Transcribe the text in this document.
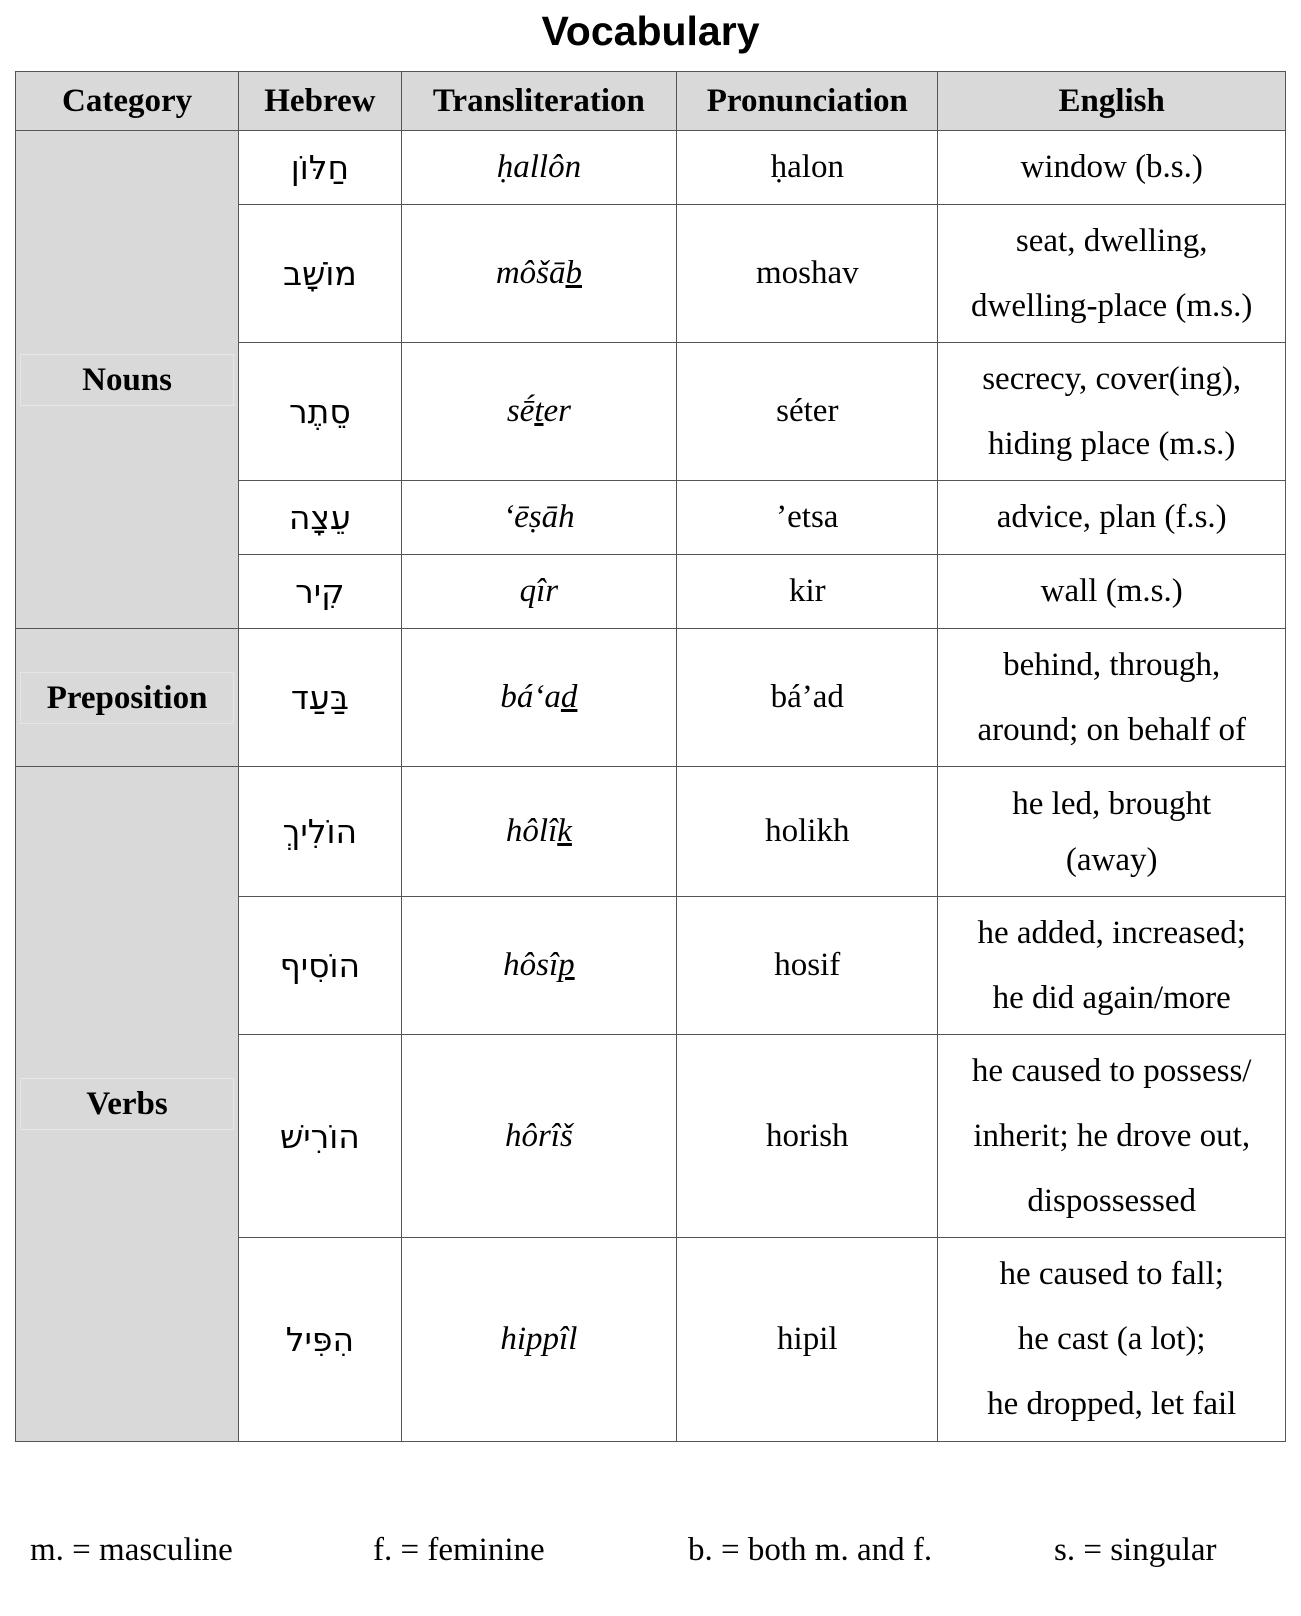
Vocabulary
Category	Hebrew	Transliteration	Pronunciation	English

Nouns	חַלּוֹן	ḥallôn	ḥalon	window (b.s.)

	מוֹשָׁב	môšāb	moshav	seat, dwelling,
dwelling-place (m.s.)

	סֵתֶר	sḗter	séter	secrecy, cover(ing),
hiding place (m.s.)

	עֵצָה	‘ēṣāh	’etsa	advice, plan (f.s.)

	קִיר	qîr	kir	wall (m.s.)

Preposition	בַּעַד	bá‘ad	bá’ad	behind, through,
around; on behalf of

Verbs	הוֹלִיךְ	hôlîk	holikh	he led, brought
(away)

	הוֹסִיף	hôsîp	hosif	he added, increased;
he did again/more

	הוֹרִישׁ	hôrîš	horish	he caused to possess/
inherit; he drove out,
dispossessed

	הִפִּיל	hippîl	hipil	he caused to fall;
he cast (a lot);
he dropped, let fail
m. = masculine	f. = feminine	b. = both m. and f.	s. = singular
